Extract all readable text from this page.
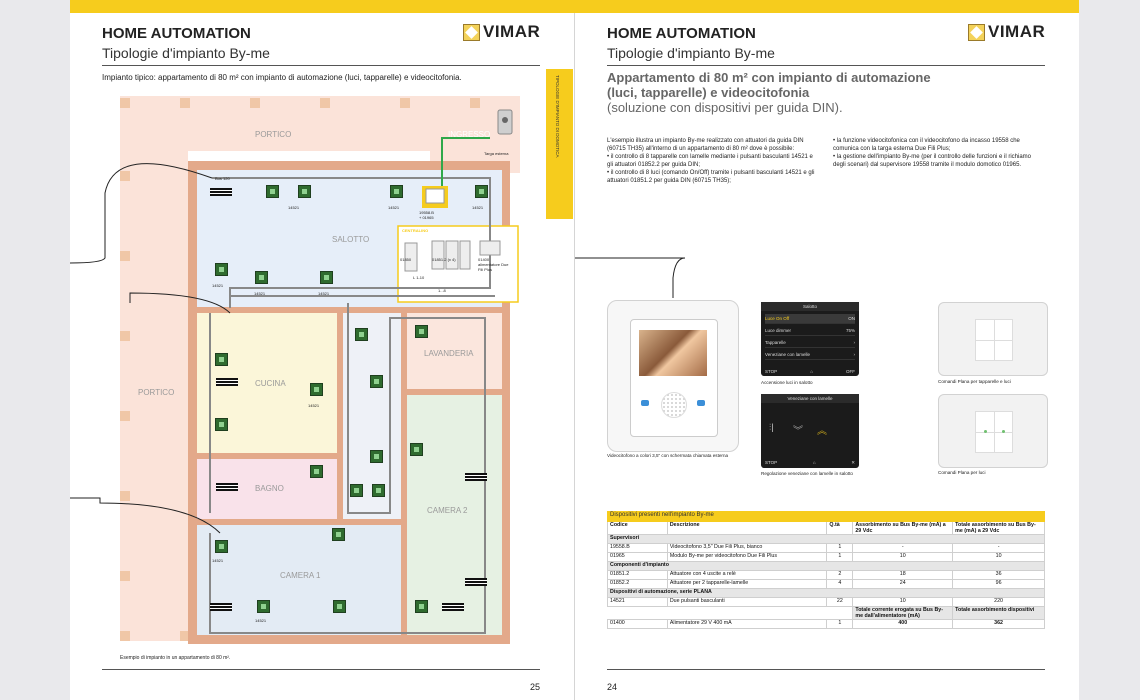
HOME AUTOMATION
Tipologie d'impianto By-me
VIMAR
Impianto tipico: appartamento di 80 m² con impianto di automazione (luci, tapparelle) e videocitofonia.	TIPOLOGIE D'IMPIANTO DI DOMOTICA
PORTICO	INGRESSO
Targa esterna
SALOTTO
CENTRALINO
PORTICO
CUCINA
BAGNO
LAVANDERIA
CAMERA 2
CAMERA 1
Bus 120
14521	14521	14521
19558.B
+ 01965
01850	01851.2 (x 4)	01400 alimentatore Due Fili Plus
L 1-10
1...8
14521
14521	14521
14521
14521
14521
Esempio di impianto in un appartamento di 80 m².
25
HOME AUTOMATION
Tipologie d'impianto By-me
VIMAR
Appartamento di 80 m² con impianto di automazione
(luci, tapparelle) e videocitofonia
(soluzione con dispositivi per guida DIN).

L'esempio illustra un impianto By-me realizzato con attuatori da guida DIN (60715 TH35) all'interno di un appartamento di 80 m² dove è possibile:

• il controllo di 8 tapparelle con lamelle mediante i pulsanti basculanti 14521 e gli attuatori 01852.2 per guida DIN;

• il controllo di 8 luci (comando On/Off) tramite i pulsanti basculanti 14521 e gli attuatori 01851.2 per guida DIN (60715 TH35);

• la funzione videocitofonica con il videocitofono da incasso 19558 che comunica con la targa esterna Due Fili Plus;

• la gestione dell'impianto By-me (per il controllo delle funzioni e il richiamo degli scenari) dal supervisore 19558 tramite il modulo domotico 01965.

Videocitofono a colori 3,5" con schermata chiamata esterna
Salotto
Luce On Off	ON
Luce dimmer	75%
Tapparelle	›
Veneziane con lamelle	›
STOP	⌂	OFF
Accensione luci in salotto
Veneziane con lamelle
⫶| ︾ ︽
STOP	⌂	✕
Regolazione veneziane con lamelle in salotto
Comandi Plana per tapparelle e luci
Comandi Plana per luci
Dispositivi presenti nell'impianto By-me				
Codice	Descrizione	Q.tà	Assorbimento su Bus By-me (mA) a 29 Vdc	Totale assorbimento su Bus By-me (mA) a 29 Vdc
Supervisori				
19558.B	Videocitofono 3,5" Due Fili Plus, bianco	1	-	-
01965	Modulo By-me per videocitofono Due Fili Plus	1	10	10
Componenti d'impianto				
01851.2	Attuatore con 4 uscite a relè	2	18	36
01852.2	Attuatore per 2 tapparelle-lamelle	4	24	96
Dispositivi di automazione, serie PLANA				
14521	Due pulsanti basculanti	22	10	220
			Totale corrente erogata su Bus By-me dall'alimentatore (mA)	Totale assorbimento dispositivi
01400	Alimentatore 29 V 400 mA	1	400	362
24
